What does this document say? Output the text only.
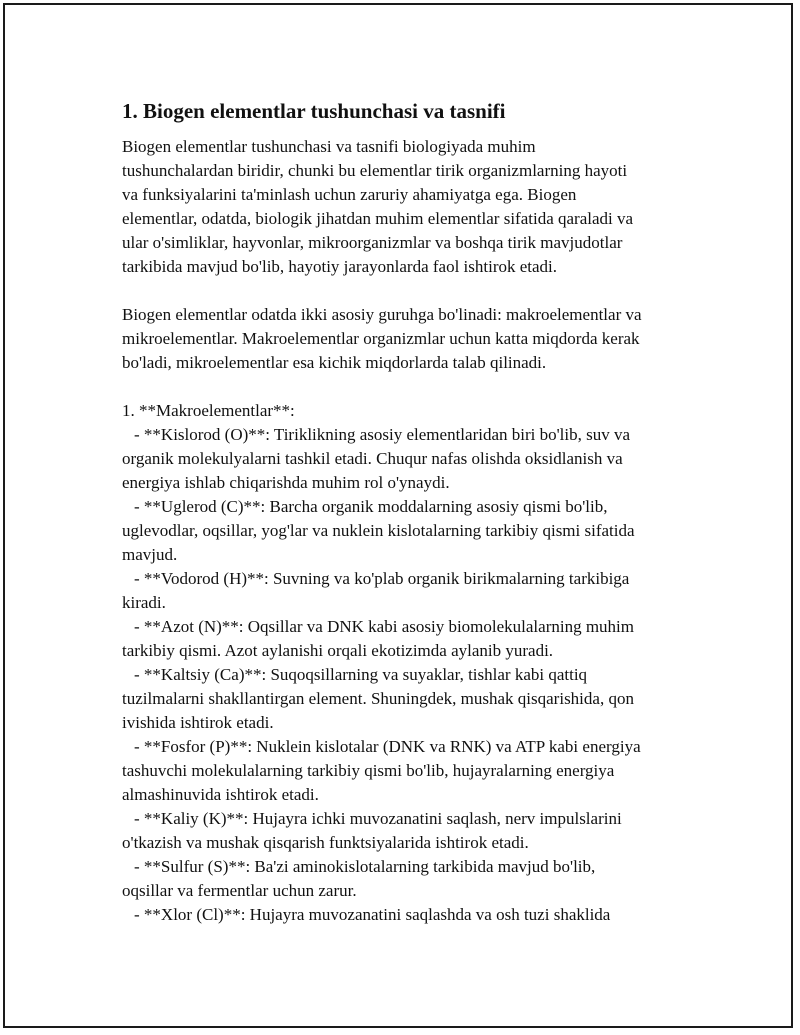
1. Biogen elementlar tushunchasi va tasnifi
Biogen elementlar tushunchasi va tasnifi biologiyada muhim
tushunchalardan biridir, chunki bu elementlar tirik organizmlarning hayoti
va funksiyalarini ta'minlash uchun zaruriy ahamiyatga ega. Biogen
elementlar, odatda, biologik jihatdan muhim elementlar sifatida qaraladi va
ular o'simliklar, hayvonlar, mikroorganizmlar va boshqa tirik mavjudotlar
tarkibida mavjud bo'lib, hayotiy jarayonlarda faol ishtirok etadi.
Biogen elementlar odatda ikki asosiy guruhga bo'linadi: makroelementlar va
mikroelementlar. Makroelementlar organizmlar uchun katta miqdorda kerak
bo'ladi, mikroelementlar esa kichik miqdorlarda talab qilinadi.
1. **Makroelementlar**:
- **Kislorod (O)**: Tiriklikning asosiy elementlaridan biri bo'lib, suv va
organik molekulyalarni tashkil etadi. Chuqur nafas olishda oksidlanish va
energiya ishlab chiqarishda muhim rol o'ynaydi.
- **Uglerod (C)**: Barcha organik moddalarning asosiy qismi bo'lib,
uglevodlar, oqsillar, yog'lar va nuklein kislotalarning tarkibiy qismi sifatida
mavjud.
- **Vodorod (H)**: Suvning va ko'plab organik birikmalarning tarkibiga
kiradi.
- **Azot (N)**: Oqsillar va DNK kabi asosiy biomolekulalarning muhim
tarkibiy qismi. Azot aylanishi orqali ekotizimda aylanib yuradi.
- **Kaltsiy (Ca)**: Suqoqsillarning va suyaklar, tishlar kabi qattiq
tuzilmalarni shakllantirgan element. Shuningdek, mushak qisqarishida, qon
ivishida ishtirok etadi.
- **Fosfor (P)**: Nuklein kislotalar (DNK va RNK) va ATP kabi energiya
tashuvchi molekulalarning tarkibiy qismi bo'lib, hujayralarning energiya
almashinuvida ishtirok etadi.
- **Kaliy (K)**: Hujayra ichki muvozanatini saqlash, nerv impulslarini
o'tkazish va mushak qisqarish funktsiyalarida ishtirok etadi.
- **Sulfur (S)**: Ba'zi aminokislotalarning tarkibida mavjud bo'lib,
oqsillar va fermentlar uchun zarur.
- **Xlor (Cl)**: Hujayra muvozanatini saqlashda va osh tuzi shaklida
